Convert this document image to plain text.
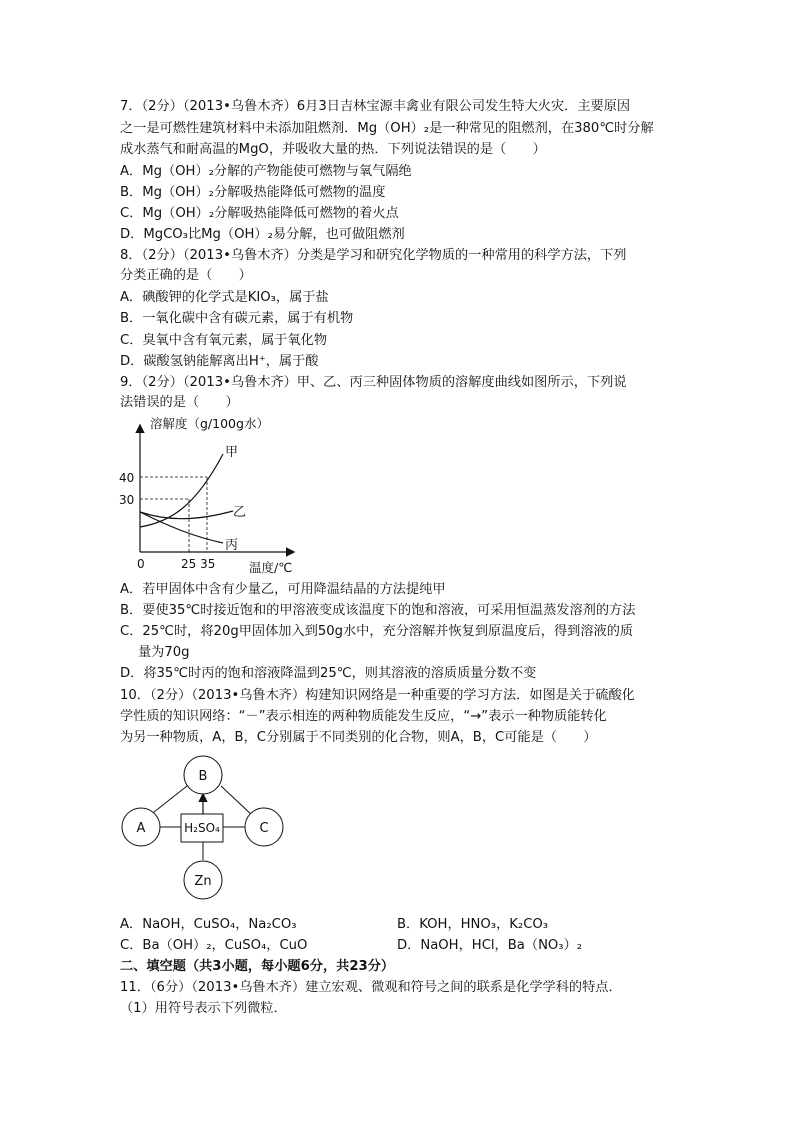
7．（2分）（2013•乌鲁木齐）6月3日吉林宝源丰禽业有限公司发生特大火灾．主要原因
之一是可燃性建筑材料中未添加阻燃剂．Mg（OH）₂是一种常见的阻燃剂，在380℃时分解
成水蒸气和耐高温的MgO，并吸收大量的热．下列说法错误的是（　　）
A．Mg（OH）₂分解的产物能使可燃物与氧气隔绝
B．Mg（OH）₂分解吸热能降低可燃物的温度
C．Mg（OH）₂分解吸热能降低可燃物的着火点
D．MgCO₃比Mg（OH）₂易分解，也可做阻燃剂
8．（2分）（2013•乌鲁木齐）分类是学习和研究化学物质的一种常用的科学方法，下列
分类正确的是（　　）
A．碘酸钾的化学式是KIO₃，属于盐
B．一氧化碳中含有碳元素，属于有机物
C．臭氧中含有氧元素，属于氧化物
D．碳酸氢钠能解离出H⁺，属于酸
9．（2分）（2013•乌鲁木齐）甲、乙、丙三种固体物质的溶解度曲线如图所示，下列说
法错误的是（　　）
溶解度（g/100g水）
温度/℃
40
30
0	25 35
甲
乙
丙
A．若甲固体中含有少量乙，可用降温结晶的方法提纯甲
B．要使35℃时接近饱和的甲溶液变成该温度下的饱和溶液，可采用恒温蒸发溶剂的方法
C．25℃时，将20g甲固体加入到50g水中，充分溶解并恢复到原温度后，得到溶液的质
量为70g
D．将35℃时丙的饱和溶液降温到25℃，则其溶液的溶质质量分数不变
10．（2分）（2013•乌鲁木齐）构建知识网络是一种重要的学习方法．如图是关于硫酸化
学性质的知识网络：“－”表示相连的两种物质能发生反应，“→”表示一种物质能转化
为另一种物质，A，B，C分别属于不同类别的化合物，则A，B，C可能是（　　）
B
A	C
H₂SO₄
Zn
A．NaOH，CuSO₄，Na₂CO₃	B．KOH，HNO₃，K₂CO₃
C．Ba（OH）₂，CuSO₄，CuO	D．NaOH，HCl，Ba（NO₃）₂
二、填空题（共3小题，每小题6分，共23分）
11．（6分）（2013•乌鲁木齐）建立宏观、微观和符号之间的联系是化学学科的特点．
（1）用符号表示下列微粒．
